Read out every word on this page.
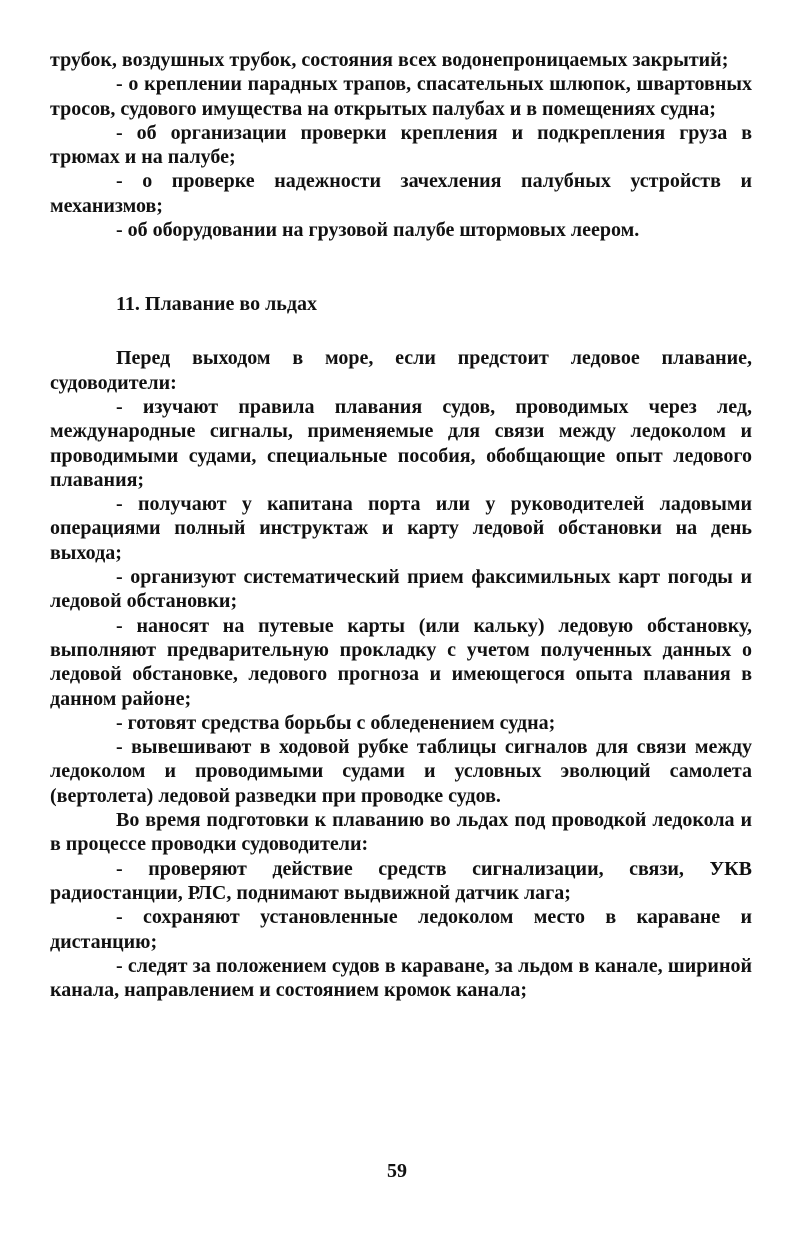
трубок, воздушных трубок, состояния всех водонепроницаемых закрытий;

- о креплении парадных трапов, спасательных шлюпок, швартовных тросов, судового имущества на открытых палубах и в помещениях судна;

- об организации проверки крепления и подкрепления груза в трюмах и на палубе;

- о проверке надежности зачехления палубных устройств и механизмов;

- об оборудовании на грузовой палубе штормовых леером.

11. Плавание во льдах

Перед выходом в море, если предстоит ледовое плавание, судоводители:

- изучают правила плавания судов, проводимых через лед, международные сигналы, применяемые для связи между ледоколом и проводимыми судами, специальные пособия, обобщающие опыт ледового плавания;

- получают у капитана порта или у руководителей ладовыми операциями полный инструктаж и карту ледовой обстановки на день выхода;

- организуют систематический прием факсимильных карт погоды и ледовой обстановки;

- наносят на путевые карты (или кальку) ледовую обстановку, выполняют предварительную прокладку с учетом полученных данных о ледовой обстановке, ледового прогноза и имеющегося опыта плавания в данном районе;

- готовят средства борьбы с обледенением судна;

- вывешивают в ходовой рубке таблицы сигналов для связи между ледоколом и проводимыми судами и условных эволюций самолета (вертолета) ледовой разведки при проводке судов.

Во время подготовки к плаванию во льдах под проводкой ледокола и в процессе проводки судоводители:

- проверяют действие средств сигнализации, связи, УКВ радиостанции, РЛС, поднимают выдвижной датчик лага;

- сохраняют установленные ледоколом место в караване и дистанцию;

- следят за положением судов в караване, за льдом в канале, шириной канала, направлением и состоянием кромок канала;

59
